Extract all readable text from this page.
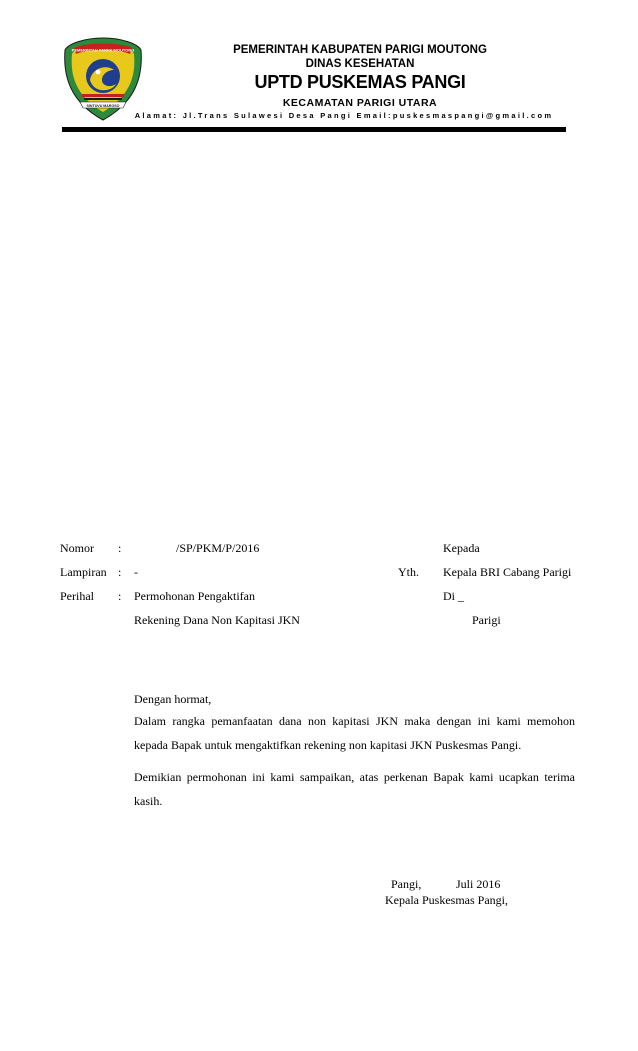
PEMERINTAH PARIGI MOUTONG
SINTUVU MAROSO
PEMERINTAH KABUPATEN PARIGI MOUTONG
DINAS KESEHATAN
UPTD PUSKEMAS PANGI
KECAMATAN PARIGI UTARA
Alamat: Jl.Trans Sulawesi Desa Pangi Email:puskesmaspangi@gmail.com
Nomor :	/SP/PKM/P/2016
Lampiran : -
Perihal : Permohonan Pengaktifan
Rekening Dana Non Kapitasi JKN
Kepada
Yth. Kepala BRI Cabang Parigi
Di _
Parigi
Dengan hormat,
Dalam rangka pemanfaatan dana non kapitasi JKN maka dengan ini kami memohon
kepada Bapak untuk mengaktifkan rekening non kapitasi JKN Puskesmas Pangi.
Demikian permohonan ini kami sampaikan, atas perkenan Bapak kami ucapkan terima
kasih.
Pangi,	Juli 2016
Kepala Puskesmas Pangi,
